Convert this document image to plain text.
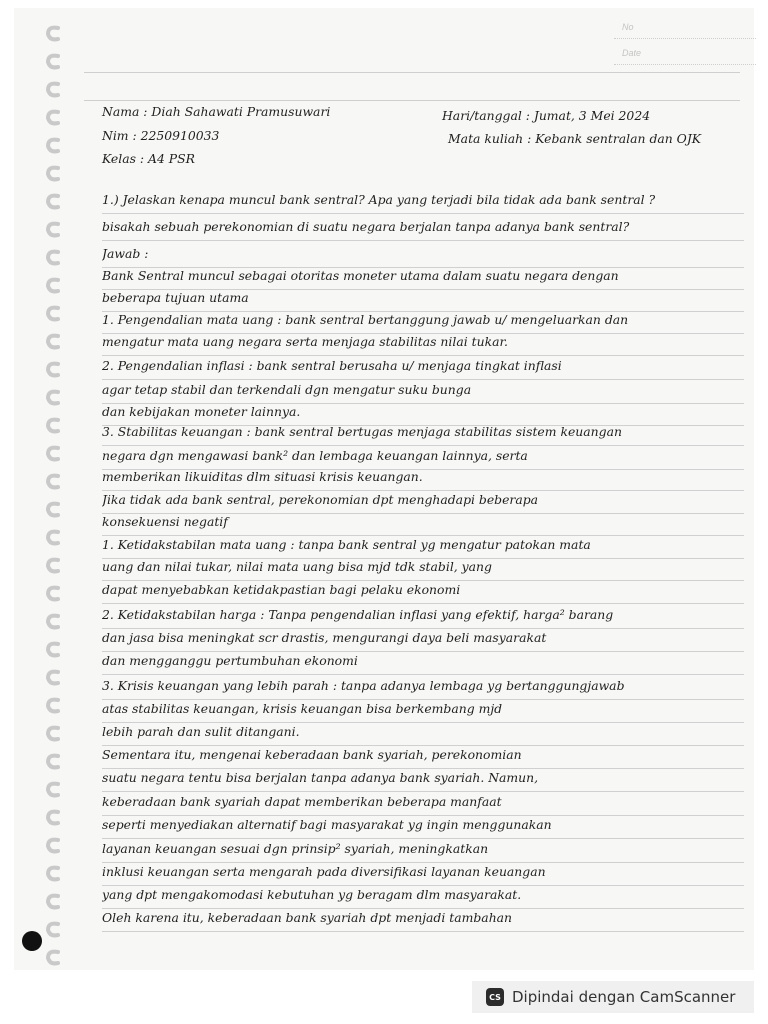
No
Date
Nama : Diah Sahawati Pramusuwari
Nim : 2250910033
Kelas : A4 PSR
Hari/tanggal : Jumat, 3 Mei 2024
Mata kuliah : Kebank sentralan dan OJK
1.) Jelaskan kenapa muncul bank sentral? Apa yang terjadi bila tidak ada bank sentral ?
bisakah sebuah perekonomian di suatu negara berjalan tanpa adanya bank sentral?
Jawab :
Bank Sentral muncul sebagai otoritas moneter utama dalam suatu negara dengan
beberapa tujuan utama
1. Pengendalian mata uang : bank sentral bertanggung jawab u/ mengeluarkan dan
mengatur mata uang negara serta menjaga stabilitas nilai tukar.
2. Pengendalian inflasi : bank sentral berusaha u/ menjaga tingkat inflasi
agar tetap stabil dan terkendali dgn mengatur suku bunga
dan kebijakan moneter lainnya.
3. Stabilitas keuangan : bank sentral bertugas menjaga stabilitas sistem keuangan
negara dgn mengawasi bank² dan lembaga keuangan lainnya, serta
memberikan likuiditas dlm situasi krisis keuangan.
Jika tidak ada bank sentral, perekonomian dpt menghadapi beberapa
konsekuensi negatif
1. Ketidakstabilan mata uang : tanpa bank sentral yg mengatur patokan mata
uang dan nilai tukar, nilai mata uang bisa mjd tdk stabil, yang
dapat menyebabkan ketidakpastian bagi pelaku ekonomi
2. Ketidakstabilan harga : Tanpa pengendalian inflasi yang efektif, harga² barang
dan jasa bisa meningkat scr drastis, mengurangi daya beli masyarakat
dan mengganggu pertumbuhan ekonomi
3. Krisis keuangan yang lebih parah : tanpa adanya lembaga yg bertanggungjawab
atas stabilitas keuangan, krisis keuangan bisa berkembang mjd
lebih parah dan sulit ditangani.
Sementara itu, mengenai keberadaan bank syariah, perekonomian
suatu negara tentu bisa berjalan tanpa adanya bank syariah. Namun,
keberadaan bank syariah dapat memberikan beberapa manfaat
seperti menyediakan alternatif bagi masyarakat yg ingin menggunakan
layanan keuangan sesuai dgn prinsip² syariah, meningkatkan
inklusi keuangan serta mengarah pada diversifikasi layanan keuangan
yang dpt mengakomodasi kebutuhan yg beragam dlm masyarakat.
Oleh karena itu, keberadaan bank syariah dpt menjadi tambahan
CS Dipindai dengan CamScanner
